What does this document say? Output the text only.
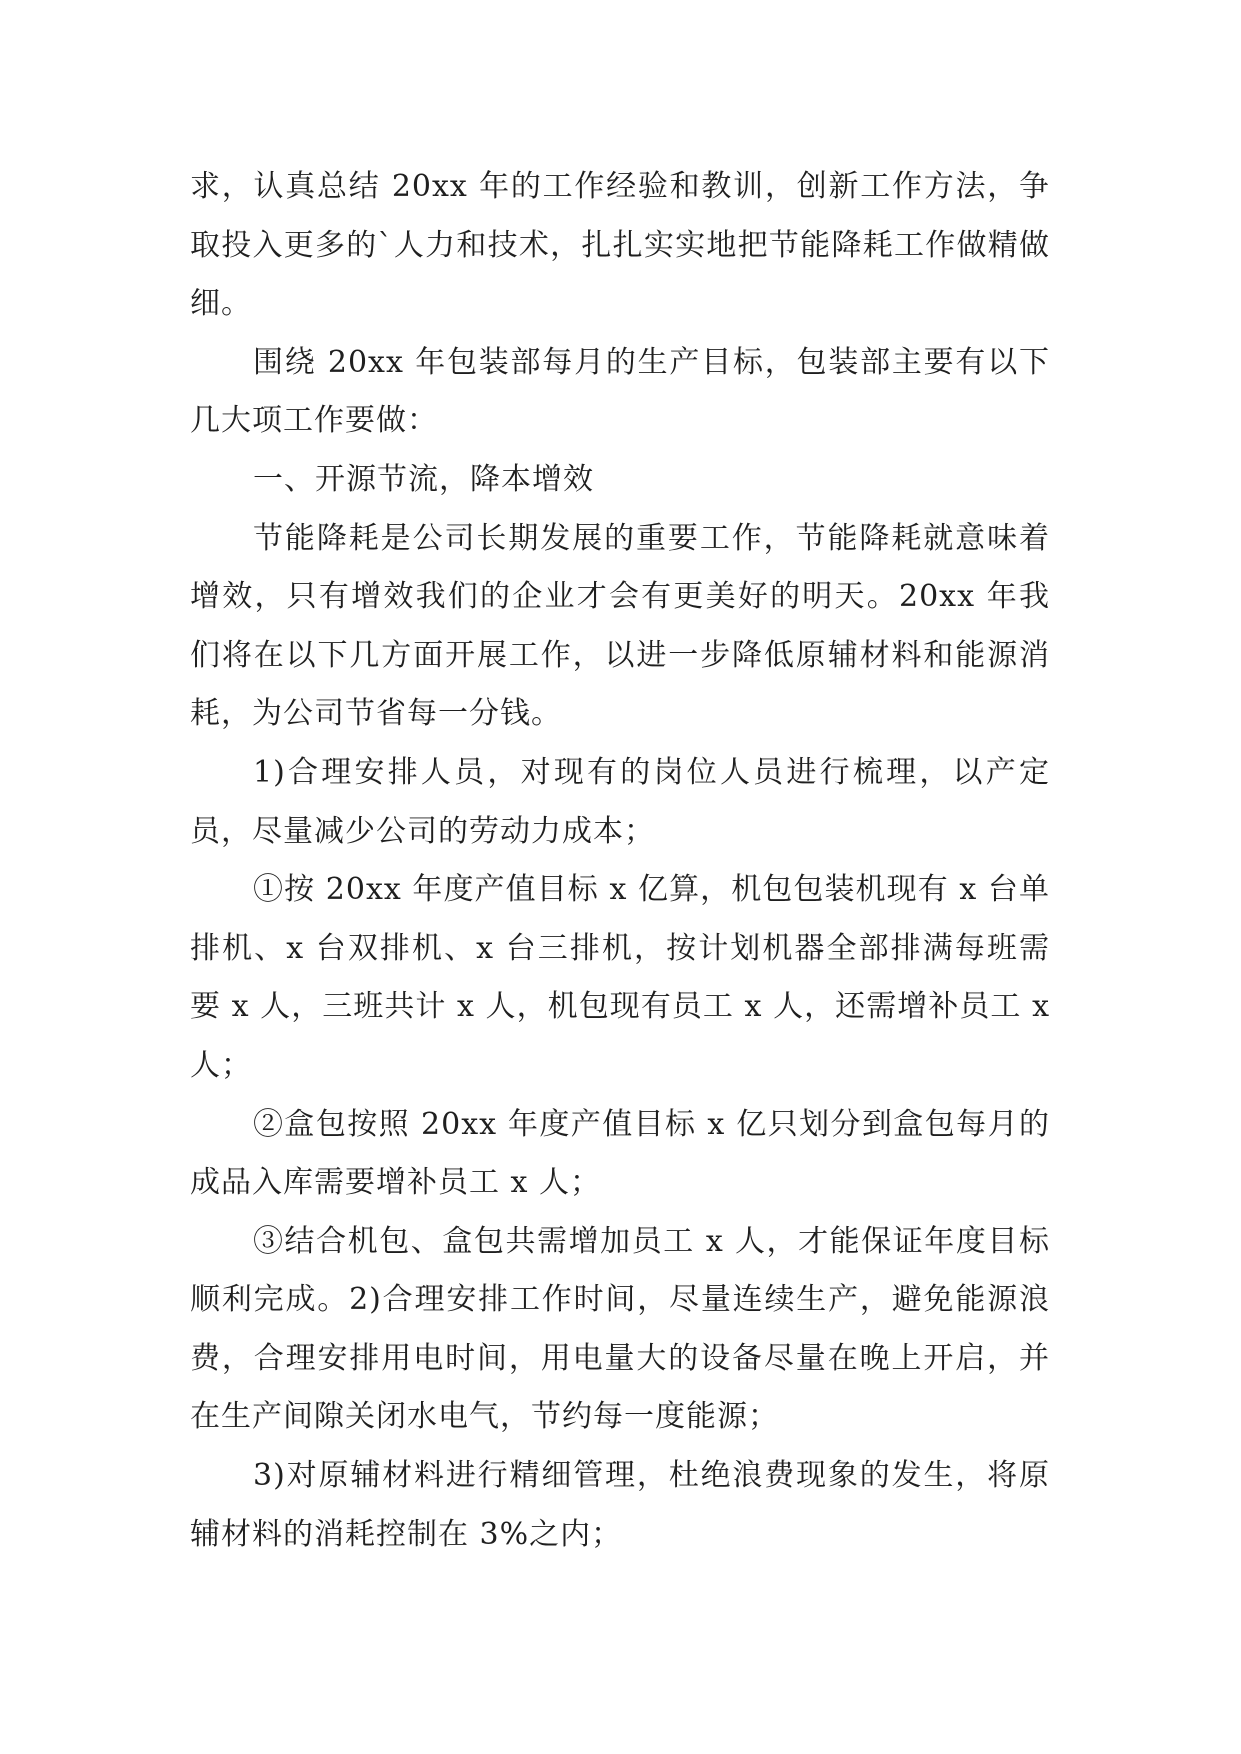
求，认真总结 20xx 年的工作经验和教训，创新工作方法，争取投入更多的`人力和技术，扎扎实实地把节能降耗工作做精做细。

围绕 20xx 年包装部每月的生产目标，包装部主要有以下几大项工作要做：

一、开源节流，降本增效

节能降耗是公司长期发展的重要工作，节能降耗就意味着增效，只有增效我们的企业才会有更美好的明天。20xx 年我们将在以下几方面开展工作，以进一步降低原辅材料和能源消耗，为公司节省每一分钱。

1)合理安排人员，对现有的岗位人员进行梳理，以产定员，尽量减少公司的劳动力成本；

①按 20xx 年度产值目标 x 亿算，机包包装机现有 x 台单排机、x 台双排机、x 台三排机，按计划机器全部排满每班需要 x 人，三班共计 x 人，机包现有员工 x 人，还需增补员工 x 人；

②盒包按照 20xx 年度产值目标 x 亿只划分到盒包每月的成品入库需要增补员工 x 人；

③结合机包、盒包共需增加员工 x 人，才能保证年度目标顺利完成。2)合理安排工作时间，尽量连续生产，避免能源浪费，合理安排用电时间，用电量大的设备尽量在晚上开启，并在生产间隙关闭水电气，节约每一度能源；

3)对原辅材料进行精细管理，杜绝浪费现象的发生，将原辅材料的消耗控制在 3%之内；
